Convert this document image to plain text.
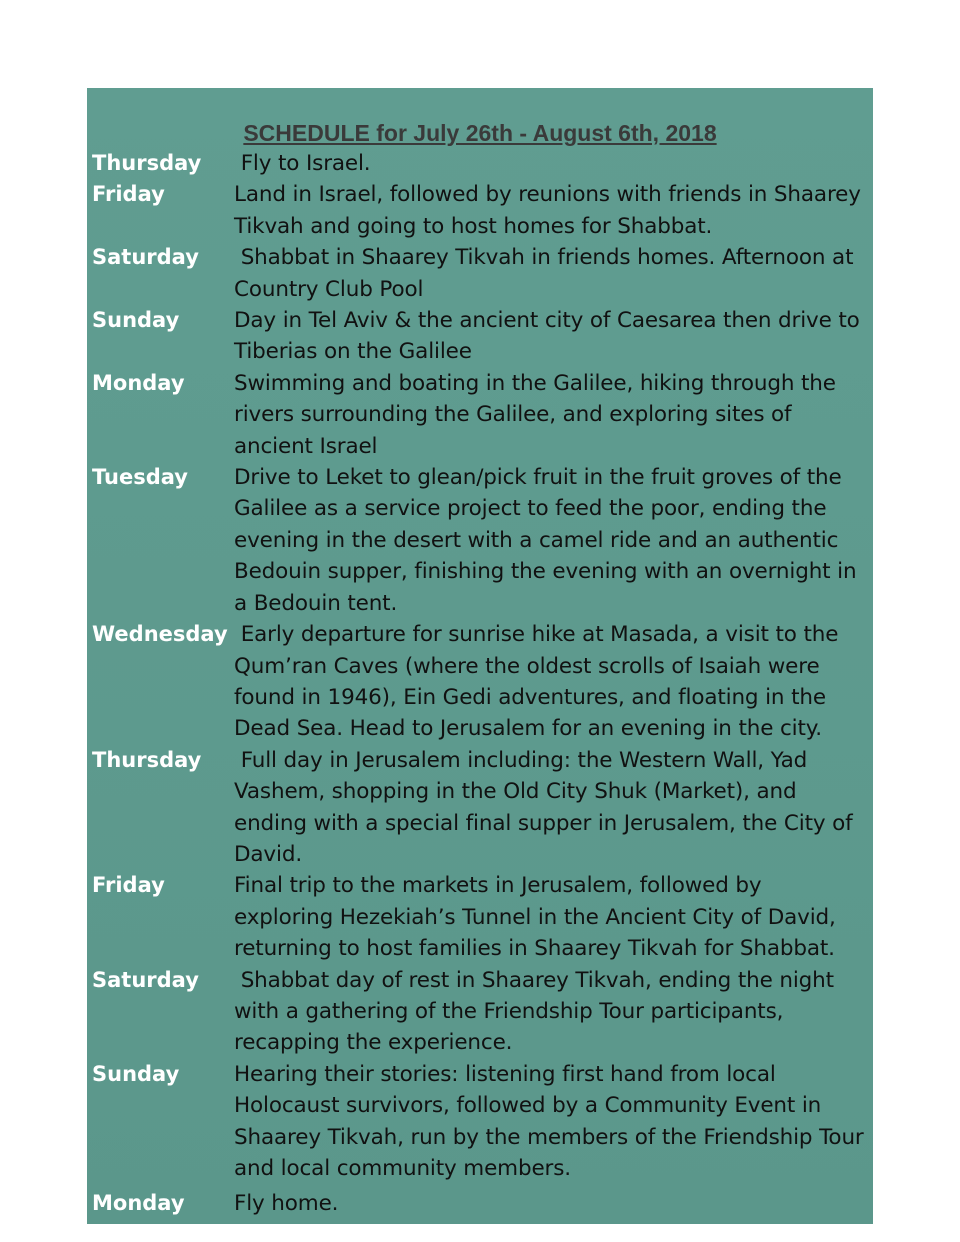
SCHEDULE for July 26th - August 6th, 2018
Thursday	Fly to Israel.
Friday	Land in Israel, followed by reunions with friends in Shaarey Tikvah and going to host homes for Shabbat.
Saturday	Shabbat in Shaarey Tikvah in friends homes. Afternoon at Country Club Pool
Sunday	Day in Tel Aviv & the ancient city of Caesarea then drive to Tiberias on the Galilee
Monday	Swimming and boating in the Galilee, hiking through the rivers surrounding the Galilee, and exploring sites of ancient Israel
Tuesday	Drive to Leket to glean/pick fruit in the fruit groves of the Galilee as a service project to feed the poor, ending the evening in the desert with a camel ride and an authentic Bedouin supper, finishing the evening with an overnight in a Bedouin tent.
Wednesday Early departure for sunrise hike at Masada, a visit to the Qum’ran Caves (where the oldest scrolls of Isaiah were found in 1946), Ein Gedi adventures, and floating in the Dead Sea. Head to Jerusalem for an evening in the city.
Thursday	Full day in Jerusalem including: the Western Wall, Yad Vashem, shopping in the Old City Shuk (Market), and ending with a special final supper in Jerusalem, the City of David.
Friday	Final trip to the markets in Jerusalem, followed by exploring Hezekiah’s Tunnel in the Ancient City of David, returning to host families in Shaarey Tikvah for Shabbat.
Saturday	Shabbat day of rest in Shaarey Tikvah, ending the night with a gathering of the Friendship Tour participants, recapping the experience.
Sunday	Hearing their stories: listening first hand from local Holocaust survivors, followed by a Community Event in Shaarey Tikvah, run by the members of the Friendship Tour and local community members.
Monday	Fly home.
